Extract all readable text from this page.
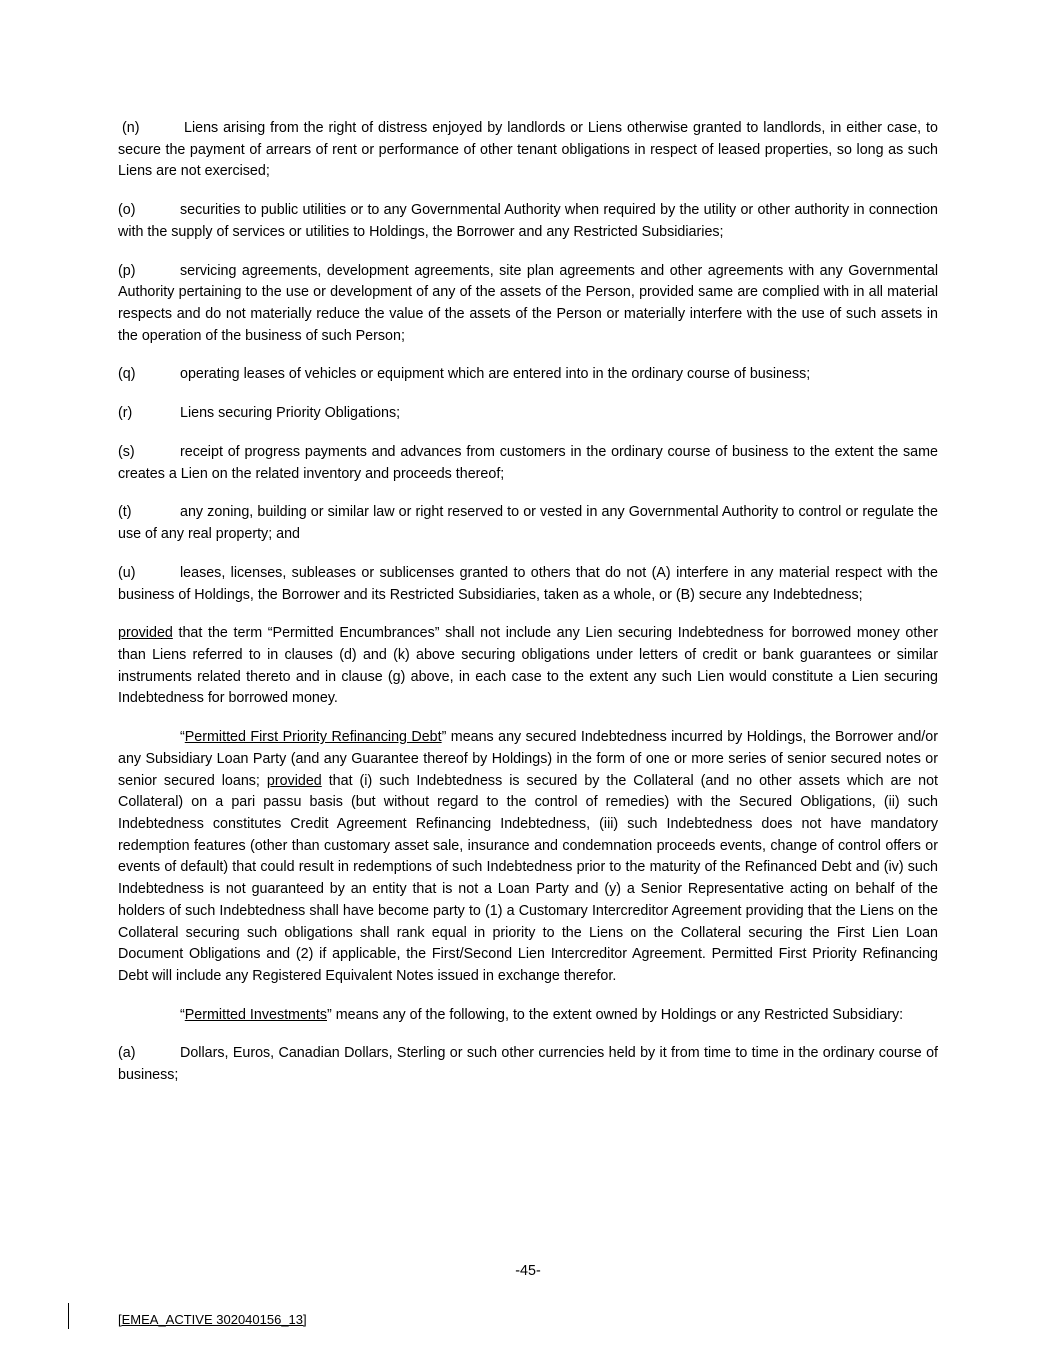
(n)	Liens arising from the right of distress enjoyed by landlords or Liens otherwise granted to landlords, in either case, to secure the payment of arrears of rent or performance of other tenant obligations in respect of leased properties, so long as such Liens are not exercised;

(o)	securities to public utilities or to any Governmental Authority when required by the utility or other authority in connection with the supply of services or utilities to Holdings, the Borrower and any Restricted Subsidiaries;

(p)	servicing agreements, development agreements, site plan agreements and other agreements with any Governmental Authority pertaining to the use or development of any of the assets of the Person, provided same are complied with in all material respects and do not materially reduce the value of the assets of the Person or materially interfere with the use of such assets in the operation of the business of such Person;

(q)	operating leases of vehicles or equipment which are entered into in the ordinary course of business;

(r)	Liens securing Priority Obligations;

(s)	receipt of progress payments and advances from customers in the ordinary course of business to the extent the same creates a Lien on the related inventory and proceeds thereof;

(t)	any zoning, building or similar law or right reserved to or vested in any Governmental Authority to control or regulate the use of any real property; and

(u)	leases, licenses, subleases or sublicenses granted to others that do not (A) interfere in any material respect with the business of Holdings, the Borrower and its Restricted Subsidiaries, taken as a whole, or (B) secure any Indebtedness;

provided that the term “Permitted Encumbrances” shall not include any Lien securing Indebtedness for borrowed money other than Liens referred to in clauses (d) and (k) above securing obligations under letters of credit or bank guarantees or similar instruments related thereto and in clause (g) above, in each case to the extent any such Lien would constitute a Lien securing Indebtedness for borrowed money.

“Permitted First Priority Refinancing Debt” means any secured Indebtedness incurred by Holdings, the Borrower and/or any Subsidiary Loan Party (and any Guarantee thereof by Holdings) in the form of one or more series of senior secured notes or senior secured loans; provided that (i) such Indebtedness is secured by the Collateral (and no other assets which are not Collateral) on a pari passu basis (but without regard to the control of remedies) with the Secured Obligations, (ii) such Indebtedness constitutes Credit Agreement Refinancing Indebtedness, (iii) such Indebtedness does not have mandatory redemption features (other than customary asset sale, insurance and condemnation proceeds events, change of control offers or events of default) that could result in redemptions of such Indebtedness prior to the maturity of the Refinanced Debt and (iv) such Indebtedness is not guaranteed by an entity that is not a Loan Party and (y) a Senior Representative acting on behalf of the holders of such Indebtedness shall have become party to (1) a Customary Intercreditor Agreement providing that the Liens on the Collateral securing such obligations shall rank equal in priority to the Liens on the Collateral securing the First Lien Loan Document Obligations and (2) if applicable, the First/Second Lien Intercreditor Agreement. Permitted First Priority Refinancing Debt will include any Registered Equivalent Notes issued in exchange therefor.

“Permitted Investments” means any of the following, to the extent owned by Holdings or any Restricted Subsidiary:

(a)	Dollars, Euros, Canadian Dollars, Sterling or such other currencies held by it from time to time in the ordinary course of business;

-45-
[EMEA_ACTIVE 302040156_13]
